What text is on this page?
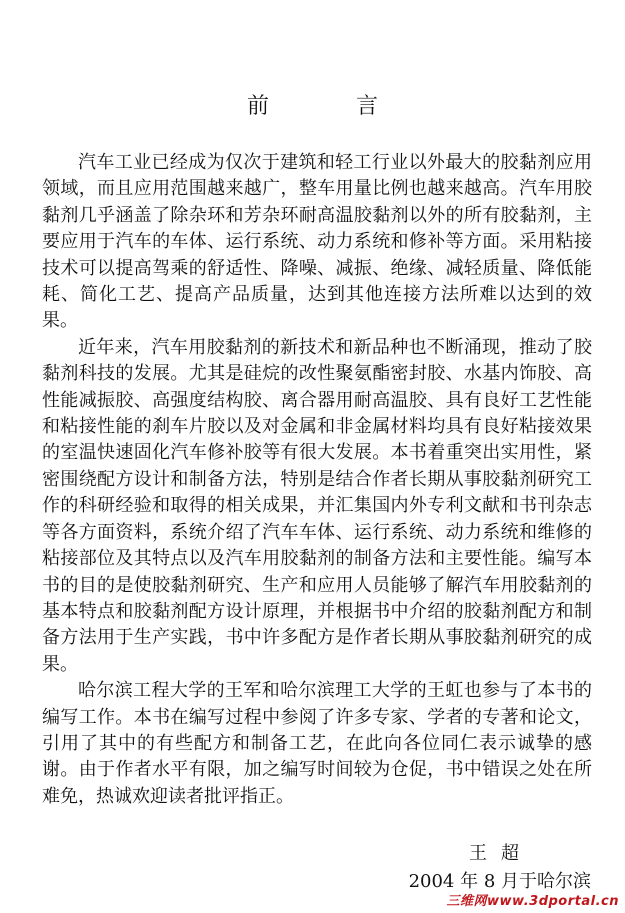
前 言

汽车工业已经成为仅次于建筑和轻工行业以外最大的胶黏剂应用领域，而且应用范围越来越广，整车用量比例也越来越高。汽车用胶黏剂几乎涵盖了除杂环和芳杂环耐高温胶黏剂以外的所有胶黏剂，主要应用于汽车的车体、运行系统、动力系统和修补等方面。采用粘接技术可以提高驾乘的舒适性、降噪、减振、绝缘、减轻质量、降低能耗、简化工艺、提高产品质量，达到其他连接方法所难以达到的效果。

近年来，汽车用胶黏剂的新技术和新品种也不断涌现，推动了胶黏剂科技的发展。尤其是硅烷的改性聚氨酯密封胶、水基内饰胶、高性能减振胶、高强度结构胶、离合器用耐高温胶、具有良好工艺性能和粘接性能的刹车片胶以及对金属和非金属材料均具有良好粘接效果的室温快速固化汽车修补胶等有很大发展。本书着重突出实用性，紧密围绕配方设计和制备方法，特别是结合作者长期从事胶黏剂研究工作的科研经验和取得的相关成果，并汇集国内外专利文献和书刊杂志等各方面资料，系统介绍了汽车车体、运行系统、动力系统和维修的粘接部位及其特点以及汽车用胶黏剂的制备方法和主要性能。编写本书的目的是使胶黏剂研究、生产和应用人员能够了解汽车用胶黏剂的基本特点和胶黏剂配方设计原理，并根据书中介绍的胶黏剂配方和制备方法用于生产实践，书中许多配方是作者长期从事胶黏剂研究的成果。

哈尔滨工程大学的王军和哈尔滨理工大学的王虹也参与了本书的编写工作。本书在编写过程中参阅了许多专家、学者的专著和论文，引用了其中的有些配方和制备工艺，在此向各位同仁表示诚挚的感谢。由于作者水平有限，加之编写时间较为仓促，书中错误之处在所难免，热诚欢迎读者批评指正。

王超
2004 年 8 月于哈尔滨
三维网www.3dportal.cn
